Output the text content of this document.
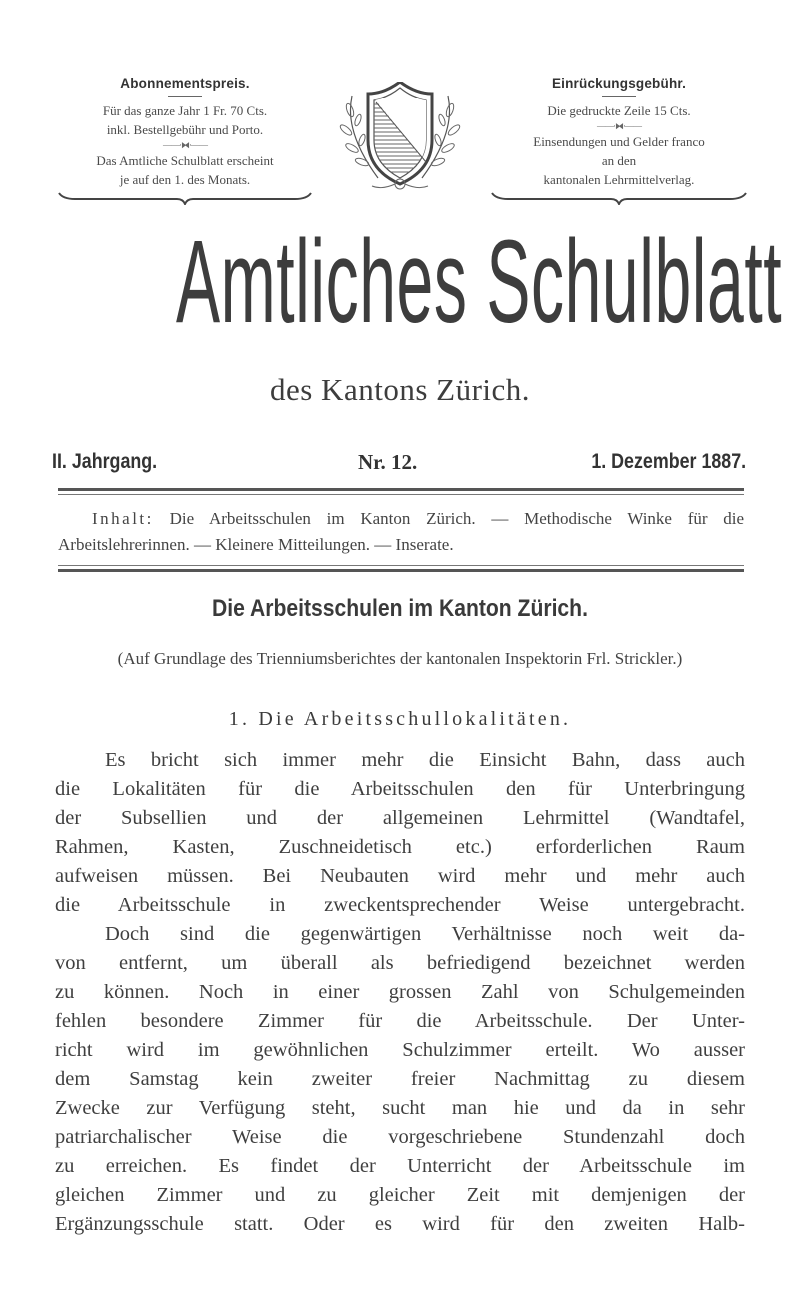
Abonnementspreis.
Für das ganze Jahr 1 Fr. 70 Cts.
inkl. Bestellgebühr und Porto.
——·⧓·——
Das Amtliche Schulblatt erscheint
je auf den 1. des Monats.
Einrückungsgebühr.
Die gedruckte Zeile 15 Cts.
——·⧓·——
Einsendungen und Gelder franco
an den
kantonalen Lehrmittelverlag.
Amtliches Schulblatt
des Kantons Zürich.
II. Jahrgang.	Nr. 12.	1. Dezember 1887.
Inhalt: Die Arbeitsschulen im Kanton Zürich. — Methodische Winke für die Arbeitslehrerinnen. — Kleinere Mitteilungen. — Inserate.
Die Arbeitsschulen im Kanton Zürich.
(Auf Grundlage des Trienniumsberichtes der kantonalen Inspektorin Frl. Strickler.)
1. Die Arbeitsschullokalitäten.
Es bricht sich immer mehr die Einsicht Bahn, dass auch
die Lokalitäten für die Arbeitsschulen den für Unterbringung
der Subsellien und der allgemeinen Lehrmittel (Wandtafel,
Rahmen, Kasten, Zuschneidetisch etc.) erforderlichen Raum
aufweisen müssen. Bei Neubauten wird mehr und mehr auch
die Arbeitsschule in zweckentsprechender Weise untergebracht.
Doch sind die gegenwärtigen Verhältnisse noch weit da-
von entfernt, um überall als befriedigend bezeichnet werden
zu können. Noch in einer grossen Zahl von Schulgemeinden
fehlen besondere Zimmer für die Arbeitsschule. Der Unter-
richt wird im gewöhnlichen Schulzimmer erteilt. Wo ausser
dem Samstag kein zweiter freier Nachmittag zu diesem
Zwecke zur Verfügung steht, sucht man hie und da in sehr
patriarchalischer Weise die vorgeschriebene Stundenzahl doch
zu erreichen. Es findet der Unterricht der Arbeitsschule im
gleichen Zimmer und zu gleicher Zeit mit demjenigen der
Ergänzungsschule statt. Oder es wird für den zweiten Halb-
